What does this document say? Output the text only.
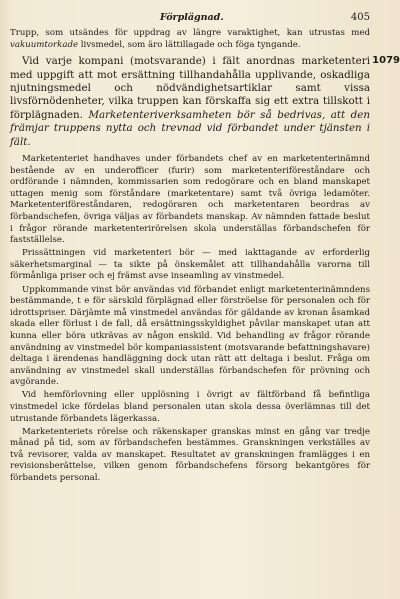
Förplägnad.	405

Trupp, som utsändes för uppdrag av längre varaktighet, kan utrustas med vakuumtorkade livsmedel, som äro lättillagade och föga tyngande.

1079

Vid varje kompani (motsvarande) i fält anordnas marketenteri med uppgift att mot ersättning tillhandahålla upplivande, oskadliga njutningsmedel och nödvändighetsartiklar samt vissa livsförnödenheter, vilka truppen kan förskaffa sig ett extra tillskott i förplägnaden. Marketenteriverksamheten bör så bedrivas, att den främjar truppens nytta och trevnad vid förbandet under tjänsten i fält.

Marketenteriet handhaves under förbandets chef av en marketenterinämnd bestående av en underofficer (furir) som marketenteriföreståndare och ordförande i nämnden, kommissarien som redogörare och en bland manskapet uttagen menig som förståndare (marketentare) samt två övriga ledamöter. Marketenteriföreståndaren, redogöraren och marketentaren beordras av förbandschefen, övriga väljas av förbandets manskap. Av nämnden fattade beslut i frågor rörande marketenterirörelsen skola underställas förbandschefen för fastställelse.

Prissättningen vid marketenteri bör — med iakttagande av erforderlig säkerhetsmarginal — ta sikte på önskemålet att tillhandahålla varorna till förmånliga priser och ej främst avse inseamling av vinstmedel.

Uppkommande vinst bör användas vid förbandet enligt marketenterinämndens bestämmande, t e för särskild förplägnad eller förströelse för personalen och för idrottspriser. Därjämte må vinstmedel användas för gäldande av kronan åsamkad skada eller förlust i de fall, då ersättningsskyldighet påvilar manskapet utan att kunna eller böra utkrävas av någon enskild. Vid behandling av frågor rörande användning av vinstmedel bör kompaniassistent (motsvarande befattningshavare) deltaga i ärendenas handläggning dock utan rätt att deltaga i beslut. Fråga om användning av vinstmedel skall underställas förbandschefen för prövning och avgörande.

Vid hemförlovning eller upplösning i övrigt av fältförband få befintliga vinstmedel icke fördelas bland personalen utan skola dessa överlämnas till det utrustande förbandets lägerkassa.

Marketenteriets rörelse och räkenskaper granskas minst en gång var tredje månad på tid, som av förbandschefen bestämmes. Granskningen verkställes av två revisorer, valda av manskapet. Resultatet av granskningen framlägges i en revisionsberättelse, vilken genom förbandschefens försorg bekantgöres för förbandets personal.
